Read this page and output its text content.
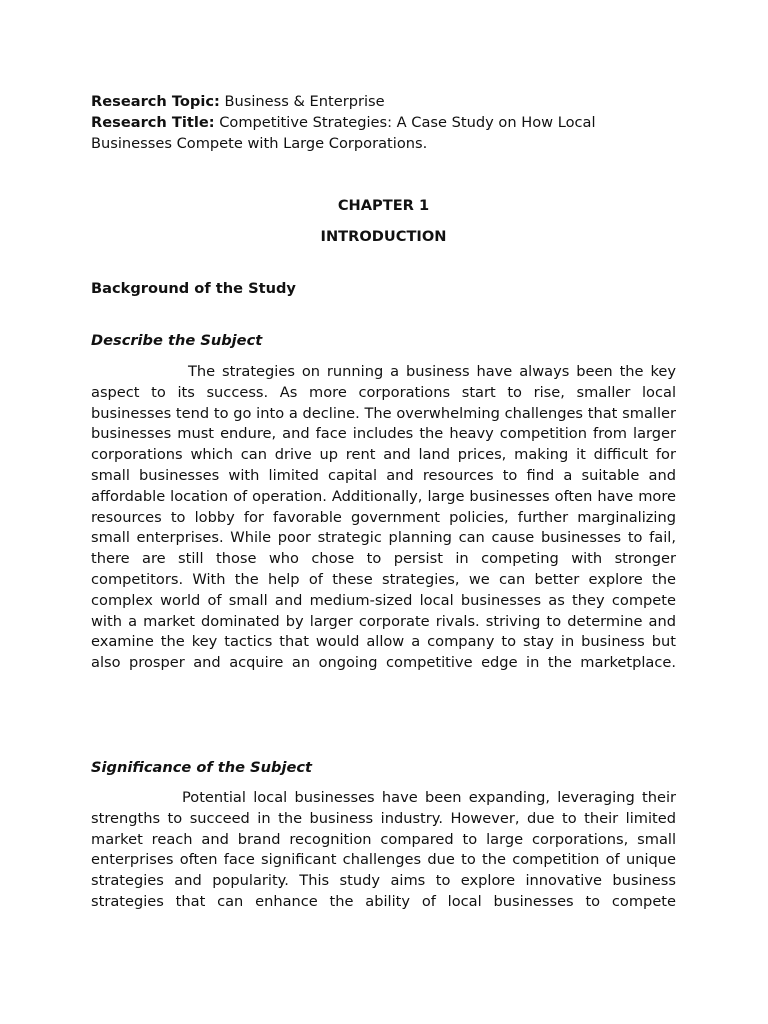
Research Topic: Business & Enterprise

Research Title: Competitive Strategies: A Case Study on How Local Businesses Compete with Large Corporations.

CHAPTER 1

INTRODUCTION

Background of the Study

Describe the Subject

The strategies on running a business have always been the key aspect to its success. As more corporations start to rise, smaller local businesses tend to go into a decline. The overwhelming challenges that smaller businesses must endure, and face includes the heavy competition from larger corporations which can drive up rent and land prices, making it difficult for small businesses with limited capital and resources to find a suitable and affordable location of operation. Additionally, large businesses often have more resources to lobby for favorable government policies, further marginalizing small enterprises. While poor strategic planning can cause businesses to fail, there are still those who chose to persist in competing with stronger competitors. With the help of these strategies, we can better explore the complex world of small and medium-sized local businesses as they compete with a market dominated by larger corporate rivals. striving to determine and examine the key tactics that would allow a company to stay in business but also prosper and acquire an ongoing competitive edge in the marketplace.

Significance of the Subject

Potential local businesses have been expanding, leveraging their strengths to succeed in the business industry. However, due to their limited market reach and brand recognition compared to large corporations, small enterprises often face significant challenges due to the competition of unique strategies and popularity. This study aims to explore innovative business strategies that can enhance the ability of local businesses to compete
